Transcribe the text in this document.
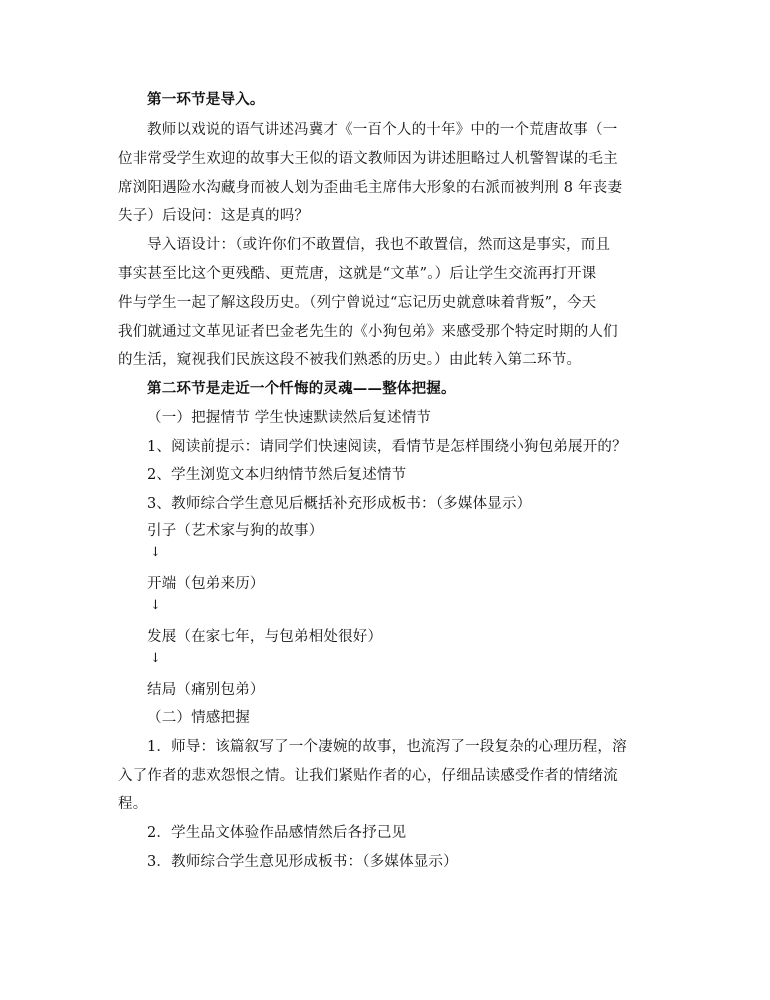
第一环节是导入。
教师以戏说的语气讲述冯冀才《一百个人的十年》中的一个荒唐故事（一
位非常受学生欢迎的故事大王似的语文教师因为讲述胆略过人机警智谋的毛主
席浏阳遇险水沟藏身而被人划为歪曲毛主席伟大形象的右派而被判刑 8 年丧妻
失子）后设问：这是真的吗？
导入语设计：（或许你们不敢置信，我也不敢置信，然而这是事实，而且
事实甚至比这个更残酷、更荒唐，这就是“文革”。）后让学生交流再打开课
件与学生一起了解这段历史。（列宁曾说过“忘记历史就意味着背叛”，今天
我们就通过文革见证者巴金老先生的《小狗包弟》来感受那个特定时期的人们
的生活，窥视我们民族这段不被我们熟悉的历史。）由此转入第二环节。
第二环节是走近一个忏悔的灵魂——整体把握。
（一）把握情节 学生快速默读然后复述情节
1、阅读前提示：请同学们快速阅读，看情节是怎样围绕小狗包弟展开的？
2、学生浏览文本归纳情节然后复述情节
3、教师综合学生意见后概括补充形成板书：（多媒体显示）
引子（艺术家与狗的故事）
↓
开端（包弟来历）
↓
发展（在家七年，与包弟相处很好）
↓
结局（痛别包弟）
（二）情感把握
1．师导：该篇叙写了一个凄婉的故事，也流泻了一段复杂的心理历程，溶
入了作者的悲欢怨恨之情。让我们紧贴作者的心，仔细品读感受作者的情绪流
程。
2．学生品文体验作品感情然后各抒己见
3．教师综合学生意见形成板书：（多媒体显示）
